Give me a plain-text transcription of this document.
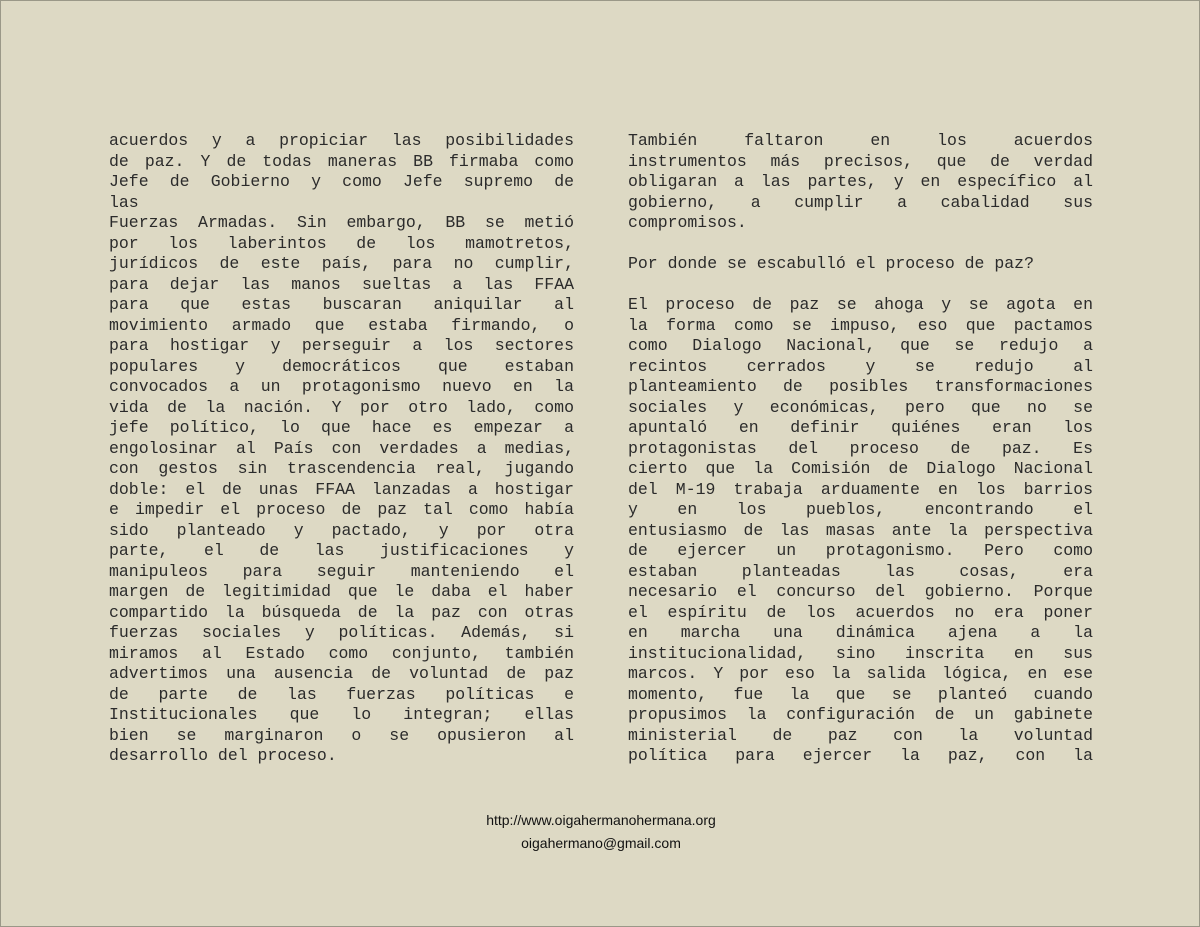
acuerdos y a propiciar las posibilidades
de paz. Y de todas maneras BB firmaba como
Jefe de Gobierno y como Jefe supremo de
las
Fuerzas Armadas. Sin embargo, BB se metió
por los laberintos de los mamotretos,
jurídicos de este país, para no cumplir,
para dejar las manos sueltas a las FFAA
para que estas buscaran aniquilar al
movimiento armado que estaba firmando, o
para hostigar y perseguir a los sectores
populares y democráticos que estaban
convocados a un protagonismo nuevo en la
vida de la nación. Y por otro lado, como
jefe político, lo que hace es empezar a
engolosinar al País con verdades a medias,
con gestos sin trascendencia real, jugando
doble: el de unas FFAA lanzadas a hostigar
e impedir el proceso de paz tal como había
sido planteado y pactado, y por otra
parte, el de las justificaciones y
manipuleos para seguir manteniendo el
margen de legitimidad que le daba el haber
compartido la búsqueda de la paz con otras
fuerzas sociales y políticas. Además, si
miramos al Estado como conjunto, también
advertimos una ausencia de voluntad de paz
de parte de las fuerzas políticas e
Institucionales que lo integran; ellas
bien se marginaron o se opusieron al
desarrollo del proceso.
También faltaron en los acuerdos
instrumentos más precisos, que de verdad
obligaran a las partes, y en específico al
gobierno, a cumplir a cabalidad sus
compromisos.
Por donde se escabulló el proceso de paz?
El proceso de paz se ahoga y se agota en
la forma como se impuso, eso que pactamos
como Dialogo Nacional, que se redujo a
recintos cerrados y se redujo al
planteamiento de posibles transformaciones
sociales y económicas, pero que no se
apuntaló en definir quiénes eran los
protagonistas del proceso de paz. Es
cierto que la Comisión de Dialogo Nacional
del M-19 trabaja arduamente en los barrios
y en los pueblos, encontrando el
entusiasmo de las masas ante la perspectiva
de ejercer un protagonismo. Pero como
estaban planteadas las cosas, era
necesario el concurso del gobierno. Porque
el espíritu de los acuerdos no era poner
en marcha una dinámica ajena a la
institucionalidad, sino inscrita en sus
marcos. Y por eso la salida lógica, en ese
momento, fue la que se planteó cuando
propusimos la configuración de un gabinete
ministerial de paz con la voluntad
política para ejercer la paz, con la
http://www.oigahermanohermana.org
oigahermano@gmail.com
